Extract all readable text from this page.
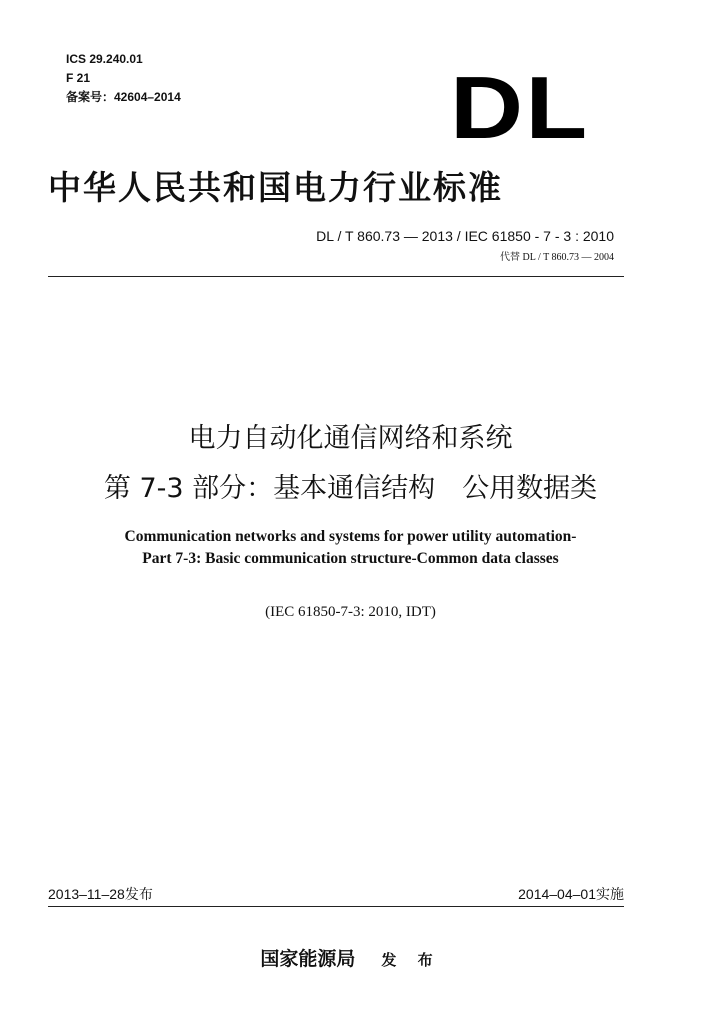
ICS 29.240.01
F 21
备案号：42604–2014	DL
中华人民共和国电力行业标准
DL / T 860.73 — 2013 / IEC 61850 - 7 - 3 : 2010
代替 DL / T 860.73 — 2004
电力自动化通信网络和系统
第 7-3 部分：基本通信结构　公用数据类
Communication networks and systems for power utility automation-
Part 7-3: Basic communication structure-Common data classes
(IEC 61850-7-3: 2010, IDT)
2013–11–28发布	2014–04–01实施
国家能源局 发 布
